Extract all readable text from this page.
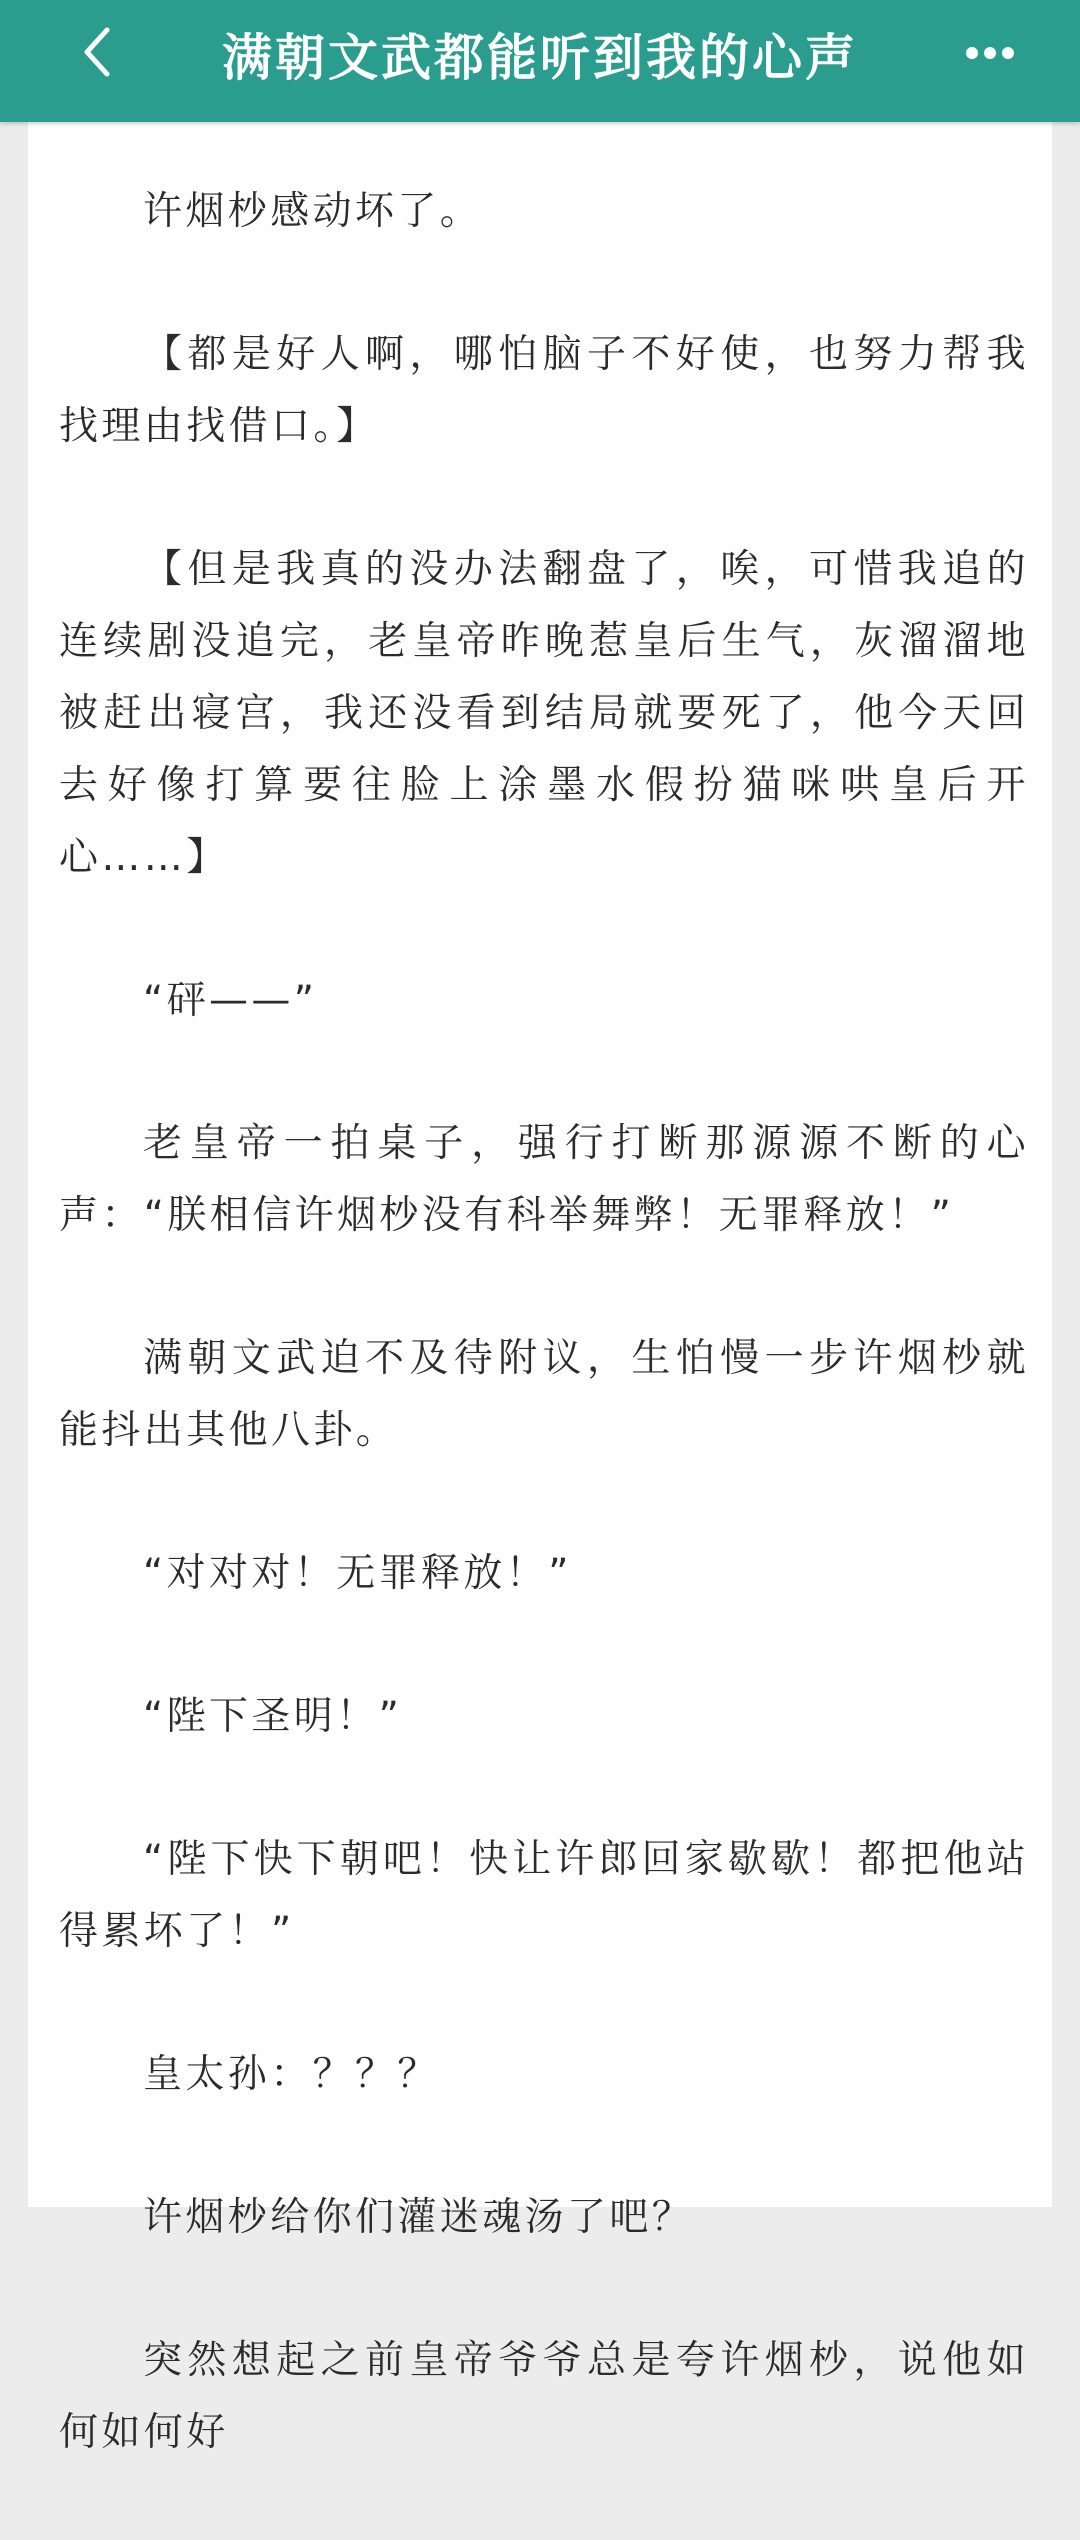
满朝文武都能听到我的心声

许烟杪感动坏了。

【都是好人啊，哪怕脑子不好使，也努力帮我找理由找借口。】

【但是我真的没办法翻盘了，唉，可惜我追的连续剧没追完，老皇帝昨晚惹皇后生气，灰溜溜地被赶出寝宫，我还没看到结局就要死了，他今天回去好像打算要往脸上涂墨水假扮猫咪哄皇后开心……】

“砰——”

老皇帝一拍桌子，强行打断那源源不断的心声：“朕相信许烟杪没有科举舞弊！无罪释放！”

满朝文武迫不及待附议，生怕慢一步许烟杪就能抖出其他八卦。

“对对对！无罪释放！”

“陛下圣明！”

“陛下快下朝吧！快让许郎回家歇歇！都把他站得累坏了！”

皇太孙：？？？

许烟杪给你们灌迷魂汤了吧？

突然想起之前皇帝爷爷总是夸许烟杪，说他如何如何好
